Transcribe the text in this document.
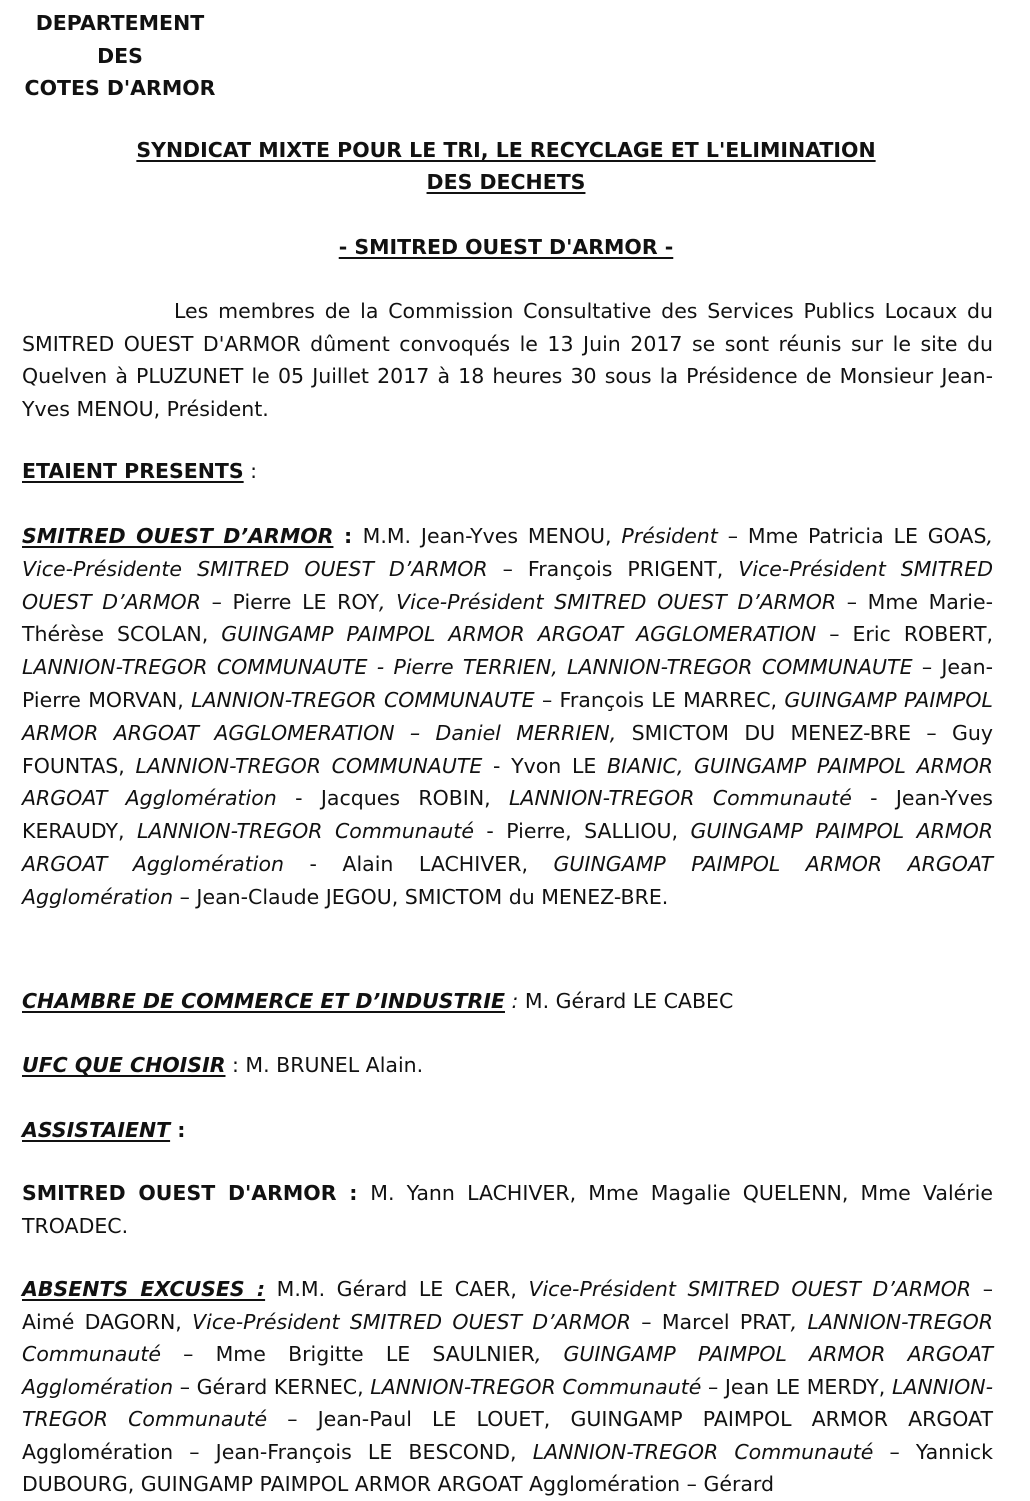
DEPARTEMENT
DES
COTES D'ARMOR
SYNDICAT MIXTE POUR LE TRI, LE RECYCLAGE ET L'ELIMINATION
DES DECHETS
- SMITRED OUEST D'ARMOR -

Les membres de la Commission Consultative des Services Publics Locaux du SMITRED OUEST D'ARMOR dûment convoqués le 13 Juin 2017 se sont réunis sur le site du Quelven à PLUZUNET le 05 Juillet 2017 à 18 heures 30 sous la Présidence de Monsieur Jean-Yves MENOU, Président.

ETAIENT PRESENTS :

SMITRED OUEST D’ARMOR : M.M. Jean-Yves MENOU, Président – Mme Patricia LE GOAS, Vice-Présidente SMITRED OUEST D’ARMOR – François PRIGENT, Vice-Président SMITRED OUEST D’ARMOR – Pierre LE ROY, Vice-Président SMITRED OUEST D’ARMOR – Mme Marie-Thérèse SCOLAN, GUINGAMP PAIMPOL ARMOR ARGOAT AGGLOMERATION – Eric ROBERT, LANNION-TREGOR COMMUNAUTE - Pierre TERRIEN, LANNION-TREGOR COMMUNAUTE – Jean-Pierre MORVAN, LANNION-TREGOR COMMUNAUTE – François LE MARREC, GUINGAMP PAIMPOL ARMOR ARGOAT AGGLOMERATION – Daniel MERRIEN, SMICTOM DU MENEZ-BRE – Guy FOUNTAS, LANNION-TREGOR COMMUNAUTE - Yvon LE BIANIC, GUINGAMP PAIMPOL ARMOR ARGOAT Agglomération - Jacques ROBIN, LANNION-TREGOR Communauté - Jean-Yves KERAUDY, LANNION-TREGOR Communauté - Pierre, SALLIOU, GUINGAMP PAIMPOL ARMOR ARGOAT Agglomération - Alain LACHIVER, GUINGAMP PAIMPOL ARMOR ARGOAT Agglomération – Jean-Claude JEGOU, SMICTOM du MENEZ-BRE.

CHAMBRE DE COMMERCE ET D’INDUSTRIE : M. Gérard LE CABEC

UFC QUE CHOISIR : M. BRUNEL Alain.

ASSISTAIENT :

SMITRED OUEST D'ARMOR : M. Yann LACHIVER, Mme Magalie QUELENN, Mme Valérie TROADEC.

ABSENTS EXCUSES : M.M. Gérard LE CAER, Vice-Président SMITRED OUEST D’ARMOR – Aimé DAGORN, Vice-Président SMITRED OUEST D’ARMOR – Marcel PRAT, LANNION-TREGOR Communauté – Mme Brigitte LE SAULNIER, GUINGAMP PAIMPOL ARMOR ARGOAT Agglomération – Gérard KERNEC, LANNION-TREGOR Communauté – Jean LE MERDY, LANNION-TREGOR Communauté – Jean-Paul LE LOUET, GUINGAMP PAIMPOL ARMOR ARGOAT Agglomération – Jean-François LE BESCOND, LANNION-TREGOR Communauté – Yannick DUBOURG, GUINGAMP PAIMPOL ARMOR ARGOAT Agglomération – Gérard
